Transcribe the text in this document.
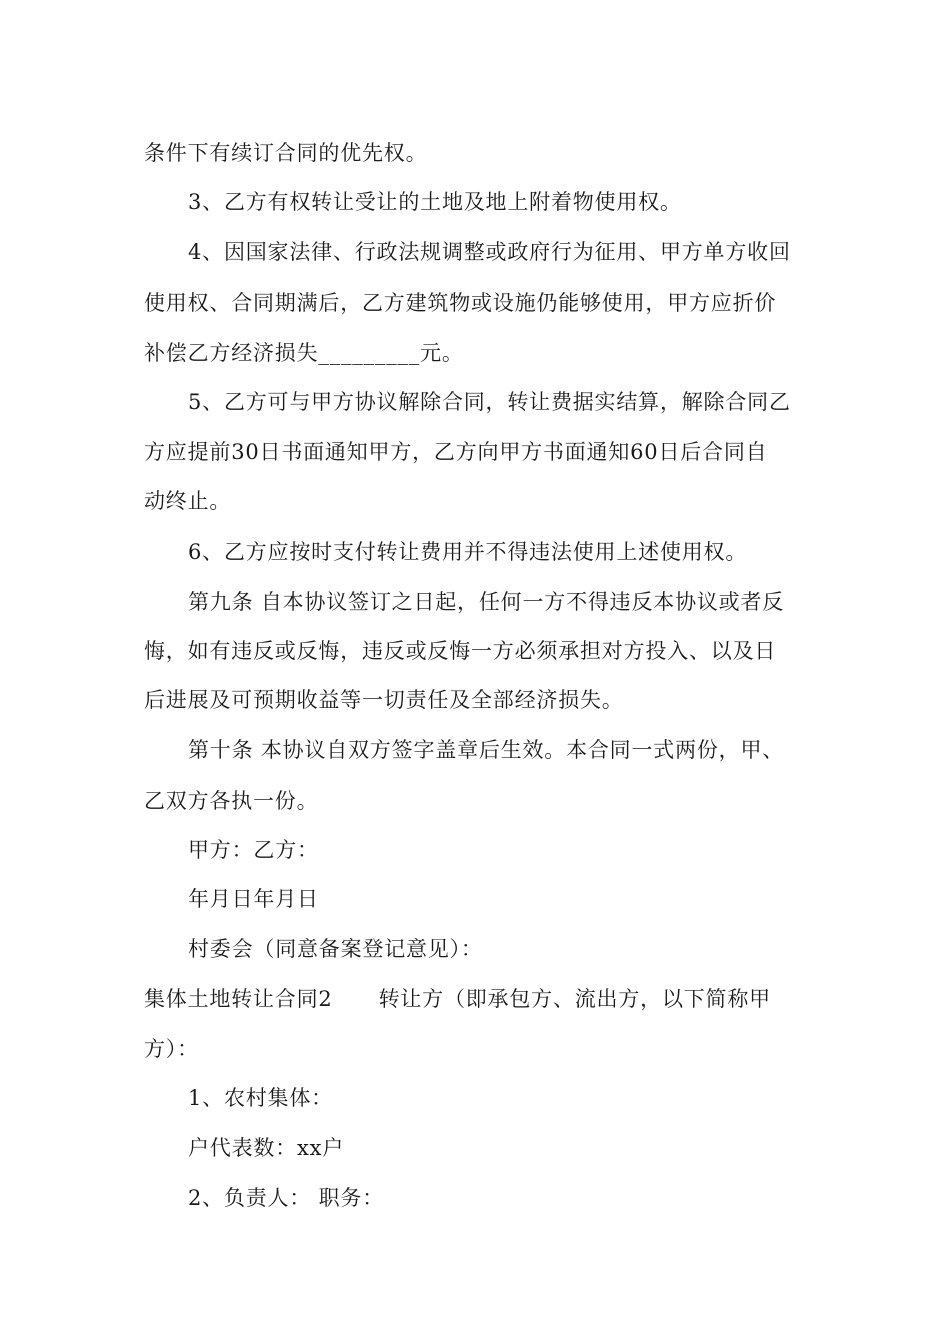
条件下有续订合同的优先权。
3、乙方有权转让受让的土地及地上附着物使用权。
4、因国家法律、行政法规调整或政府行为征用、甲方单方收回
使用权、合同期满后，乙方建筑物或设施仍能够使用，甲方应折价
补偿乙方经济损失_________元。
5、乙方可与甲方协议解除合同，转让费据实结算，解除合同乙
方应提前30日书面通知甲方，乙方向甲方书面通知60日后合同自
动终止。
6、乙方应按时支付转让费用并不得违法使用上述使用权。
第九条 自本协议签订之日起，任何一方不得违反本协议或者反
悔，如有违反或反悔，违反或反悔一方必须承担对方投入、以及日
后进展及可预期收益等一切责任及全部经济损失。
第十条 本协议自双方签字盖章后生效。本合同一式两份，甲、
乙双方各执一份。
甲方：乙方：
年月日年月日
村委会（同意备案登记意见）：
集体土地转让合同2 转让方（即承包方、流出方，以下简称甲
方）：
1、农村集体：
户代表数：xx户
2、负责人： 职务：
